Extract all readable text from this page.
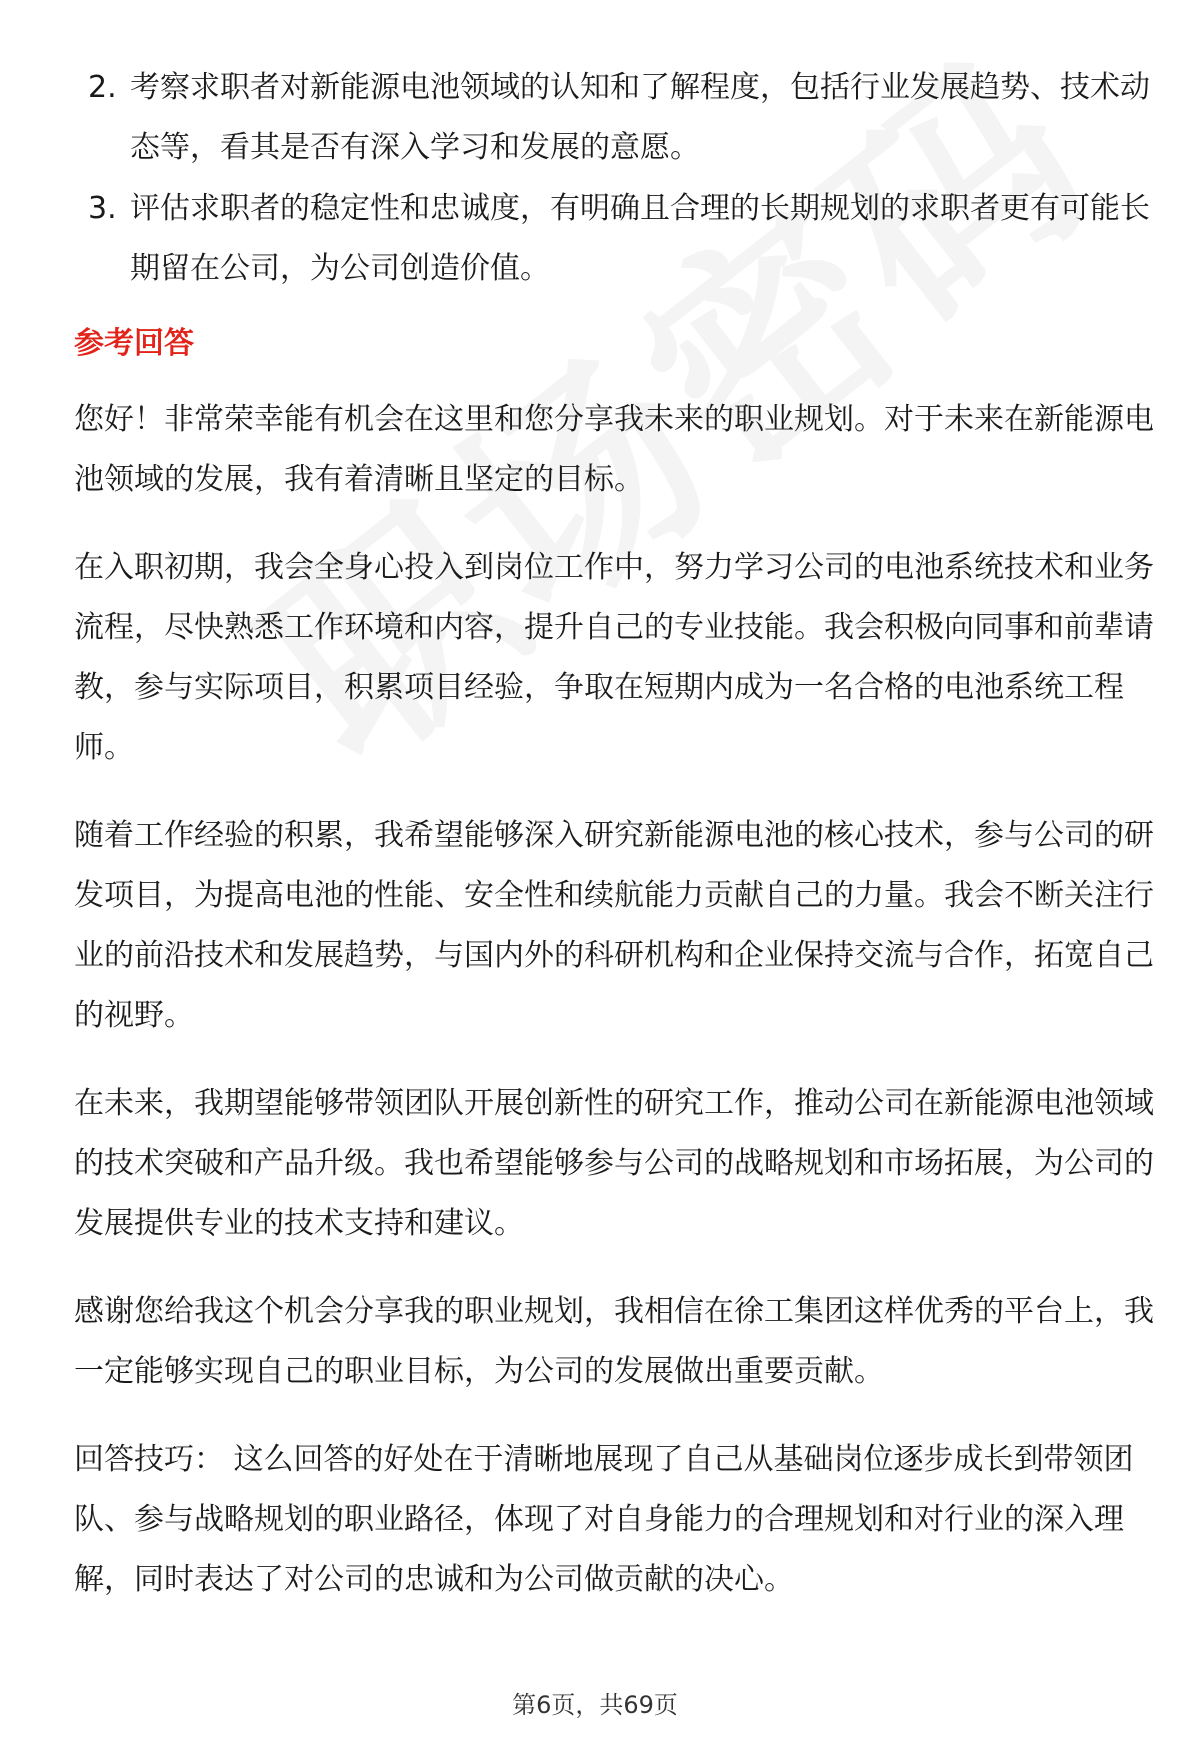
2. 考察求职者对新能源电池领域的认知和了解程度，包括行业发展趋势、技术动态等，看其是否有深入学习和发展的意愿。
3. 评估求职者的稳定性和忠诚度，有明确且合理的长期规划的求职者更有可能长期留在公司，为公司创造价值。
参考回答

您好！非常荣幸能有机会在这里和您分享我未来的职业规划。对于未来在新能源电池领域的发展，我有着清晰且坚定的目标。

在入职初期，我会全身心投入到岗位工作中，努力学习公司的电池系统技术和业务流程，尽快熟悉工作环境和内容，提升自己的专业技能。我会积极向同事和前辈请教，参与实际项目，积累项目经验，争取在短期内成为一名合格的电池系统工程师。

随着工作经验的积累，我希望能够深入研究新能源电池的核心技术，参与公司的研发项目，为提高电池的性能、安全性和续航能力贡献自己的力量。我会不断关注行业的前沿技术和发展趋势，与国内外的科研机构和企业保持交流与合作，拓宽自己的视野。

在未来，我期望能够带领团队开展创新性的研究工作，推动公司在新能源电池领域的技术突破和产品升级。我也希望能够参与公司的战略规划和市场拓展，为公司的发展提供专业的技术支持和建议。

感谢您给我这个机会分享我的职业规划，我相信在徐工集团这样优秀的平台上，我一定能够实现自己的职业目标，为公司的发展做出重要贡献。

回答技巧： 这么回答的好处在于清晰地展现了自己从基础岗位逐步成长到带领团队、参与战略规划的职业路径，体现了对自身能力的合理规划和对行业的深入理解，同时表达了对公司的忠诚和为公司做贡献的决心。

第6页，共69页
